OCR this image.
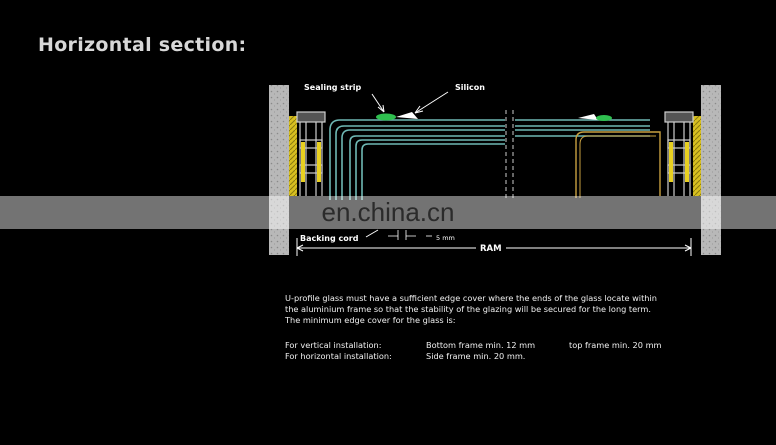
Horizontal section:
Sealing strip	Silicon
Backing cord	5 mm
RAM
en.china.cn

U-profile glass must have a sufficient edge cover where the ends of the glass locate within

the aluminium frame so that the stability of the glazing will be secured for the long term.

The minimum edge cover for the glass is:

For vertical installation:	Bottom frame min. 12 mm	top frame min. 20 mm
For horizontal installation:	Side frame min. 20 mm.
